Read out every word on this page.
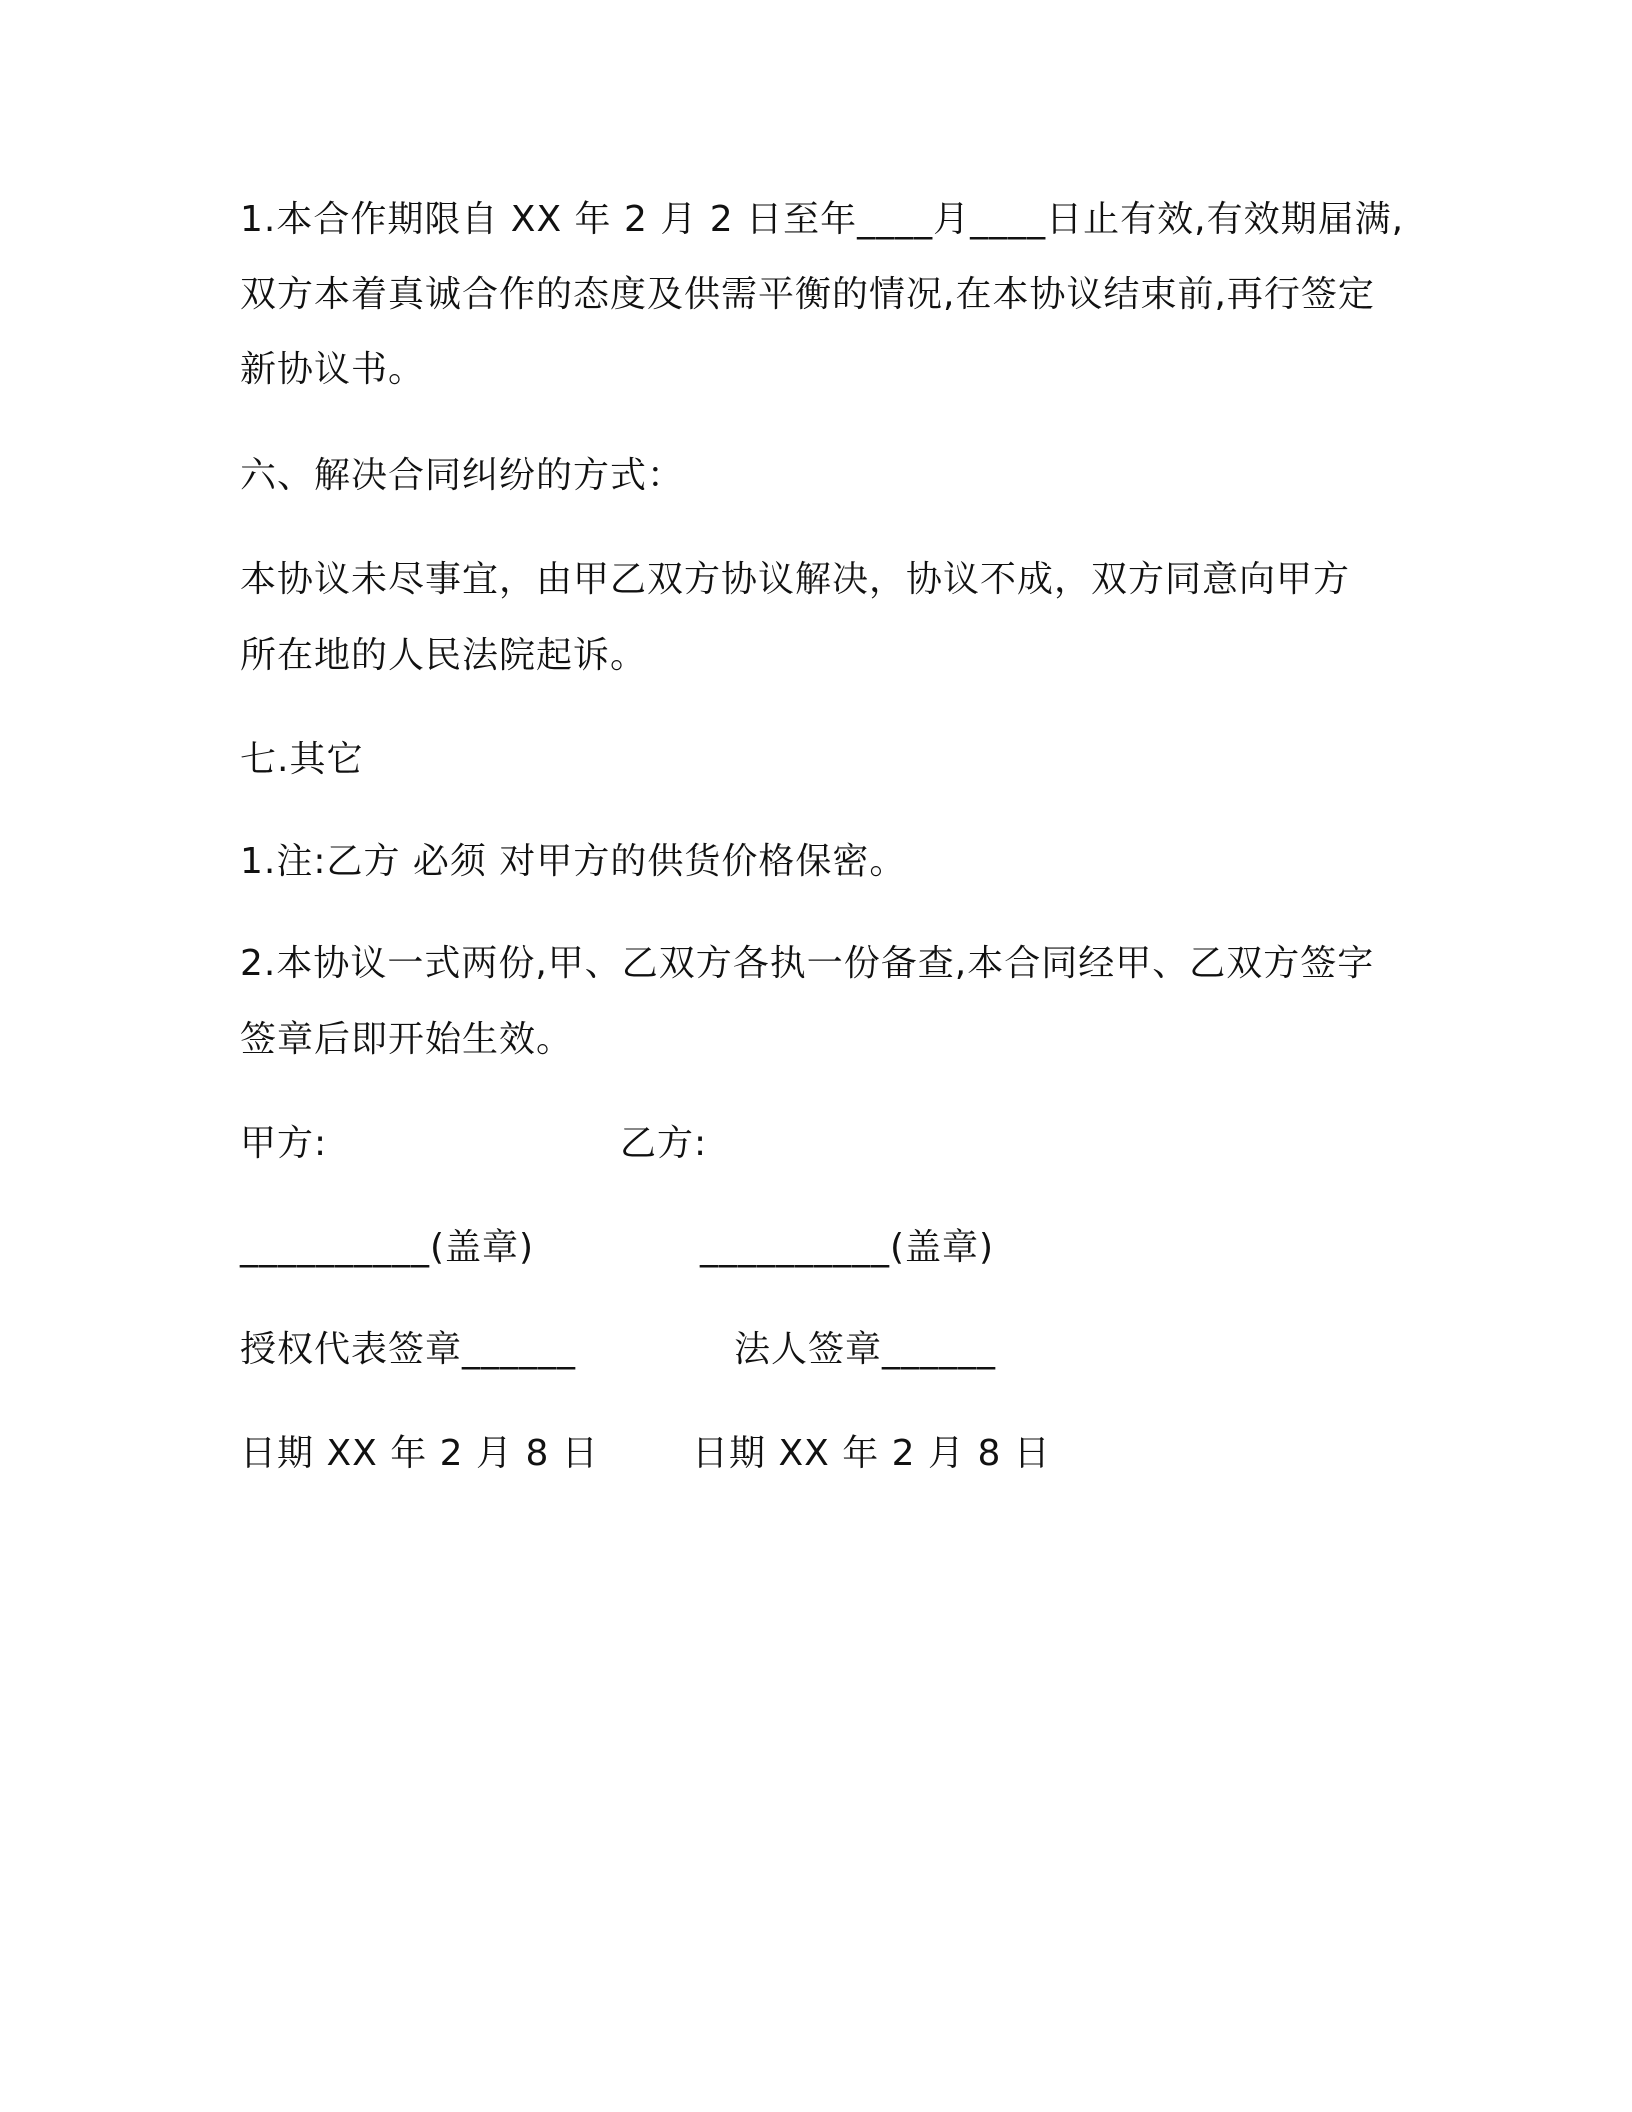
1.本合作期限自 XX 年 2 月 2 日至年____月____日止有效,有效期届满,
双方本着真诚合作的态度及供需平衡的情况,在本协议结束前,再行签定
新协议书。
六、解决合同纠纷的方式：
本协议未尽事宜，由甲乙双方协议解决，协议不成，双方同意向甲方
所在地的人民法院起诉。
七.其它
1.注:乙方 必须 对甲方的供货价格保密。
2.本协议一式两份,甲、乙双方各执一份备查,本合同经甲、乙双方签字
签章后即开始生效。
甲方:	乙方:
__________(盖章)	__________(盖章)
授权代表签章______	法人签章______
日期 XX 年 2 月 8 日	日期 XX 年 2 月 8 日
